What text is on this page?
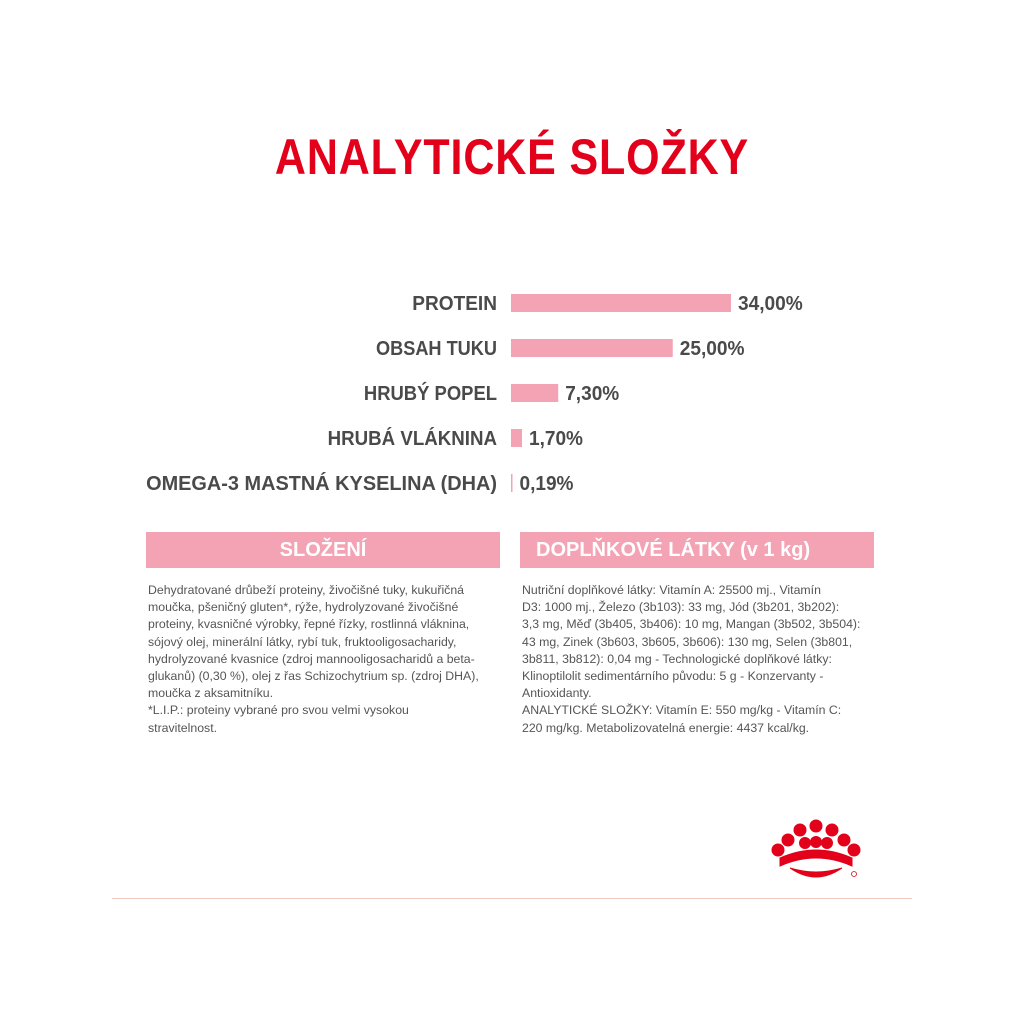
ANALYTICKÉ SLOŽKY
PROTEIN	34,00%
OBSAH TUKU	25,00%
HRUBÝ POPEL	7,30%
HRUBÁ VLÁKNINA 1,70%
OMEGA-3 MASTNÁ KYSELINA (DHA) 0,19%
SLOŽENÍ
Dehydratované drůbeží proteiny, živočišné tuky, kukuřičná
moučka, pšeničný gluten*, rýže, hydrolyzované živočišné
proteiny, kvasničné výrobky, řepné řízky, rostlinná vláknina,
sójový olej, minerální látky, rybí tuk, fruktooligosacharidy,
hydrolyzované kvasnice (zdroj mannooligosacharidů a beta-
glukanů) (0,30 %), olej z řas Schizochytrium sp. (zdroj DHA),
moučka z aksamitníku.
*L.I.P.: proteiny vybrané pro svou velmi vysokou
stravitelnost.
DOPLŇKOVÉ LÁTKY (v 1 kg)
Nutriční doplňkové látky: Vitamín A: 25500 mj., Vitamín
D3: 1000 mj., Železo (3b103): 33 mg, Jód (3b201, 3b202):
3,3 mg, Měď (3b405, 3b406): 10 mg, Mangan (3b502, 3b504):
43 mg, Zinek (3b603, 3b605, 3b606): 130 mg, Selen (3b801,
3b811, 3b812): 0,04 mg - Technologické doplňkové látky:
Klinoptilolit sedimentárního původu: 5 g - Konzervanty -
Antioxidanty.
ANALYTICKÉ SLOŽKY: Vitamín E: 550 mg/kg - Vitamín C:
220 mg/kg. Metabolizovatelná energie: 4437 kcal/kg.
